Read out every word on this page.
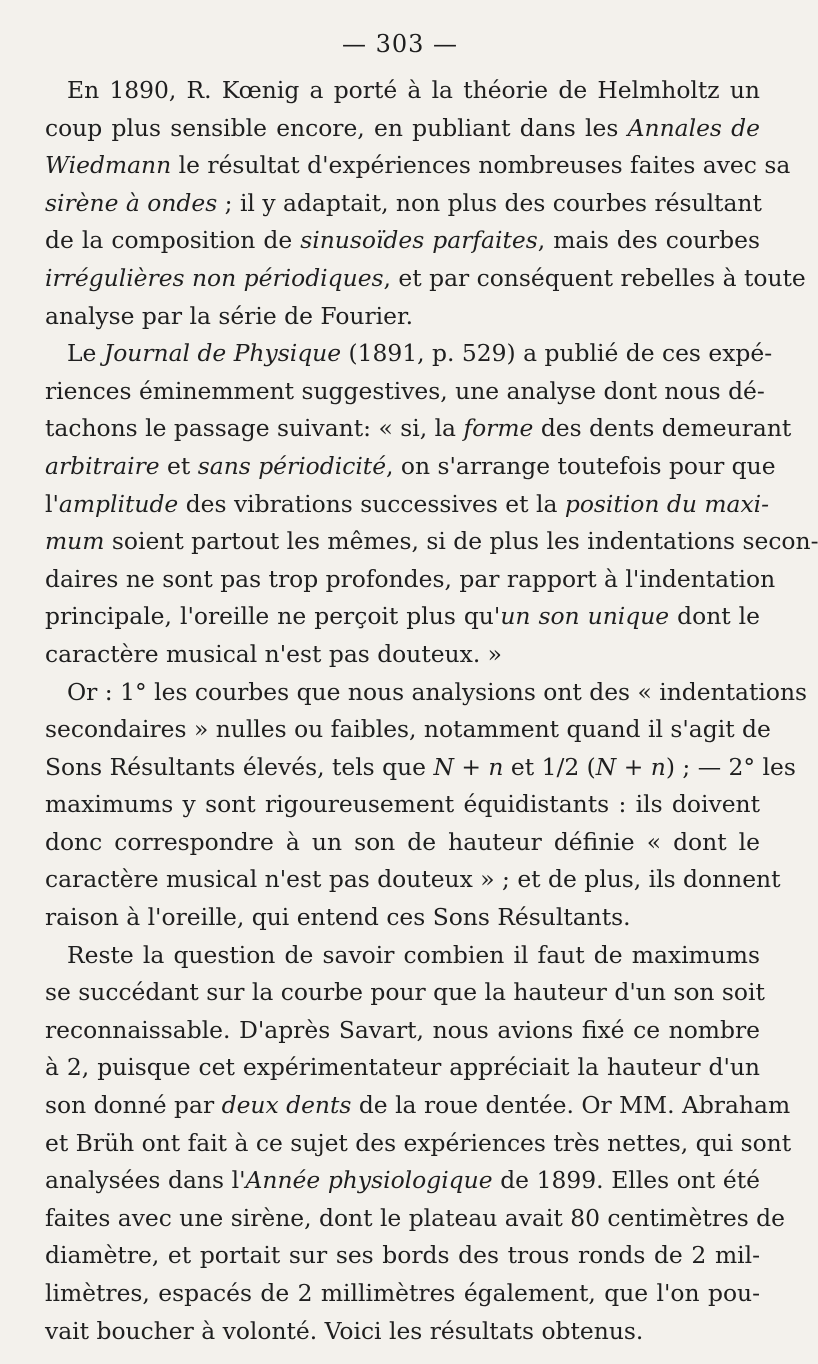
— 303 —
En 1890, R. Kœnig a porté à la théorie de Helmholtz un
coup plus sensible encore, en publiant dans les Annales de
Wiedmann le résultat d'expériences nombreuses faites avec sa
sirène à ondes ; il y adaptait, non plus des courbes résultant
de la composition de sinusoïdes parfaites, mais des courbes
irrégulières non périodiques, et par conséquent rebelles à toute
analyse par la série de Fourier.
Le Journal de Physique (1891, p. 529) a publié de ces expé-
riences éminemment suggestives, une analyse dont nous dé-
tachons le passage suivant: « si, la forme des dents demeurant
arbitraire et sans périodicité, on s'arrange toutefois pour que
l'amplitude des vibrations successives et la position du maxi-
mum soient partout les mêmes, si de plus les indentations secon-
daires ne sont pas trop profondes, par rapport à l'indentation
principale, l'oreille ne perçoit plus qu'un son unique dont le
caractère musical n'est pas douteux. »
Or : 1° les courbes que nous analysions ont des « indentations
secondaires » nulles ou faibles, notamment quand il s'agit de
Sons Résultants élevés, tels que N + n et 1/2 (N + n) ; — 2° les
maximums y sont rigoureusement équidistants : ils doivent
donc correspondre à un son de hauteur définie « dont le
caractère musical n'est pas douteux » ; et de plus, ils donnent
raison à l'oreille, qui entend ces Sons Résultants.
Reste la question de savoir combien il faut de maximums
se succédant sur la courbe pour que la hauteur d'un son soit
reconnaissable. D'après Savart, nous avions fixé ce nombre
à 2, puisque cet expérimentateur appréciait la hauteur d'un
son donné par deux dents de la roue dentée. Or MM. Abraham
et Brüh ont fait à ce sujet des expériences très nettes, qui sont
analysées dans l'Année physiologique de 1899. Elles ont été
faites avec une sirène, dont le plateau avait 80 centimètres de
diamètre, et portait sur ses bords des trous ronds de 2 mil-
limètres, espacés de 2 millimètres également, que l'on pou-
vait boucher à volonté. Voici les résultats obtenus.
